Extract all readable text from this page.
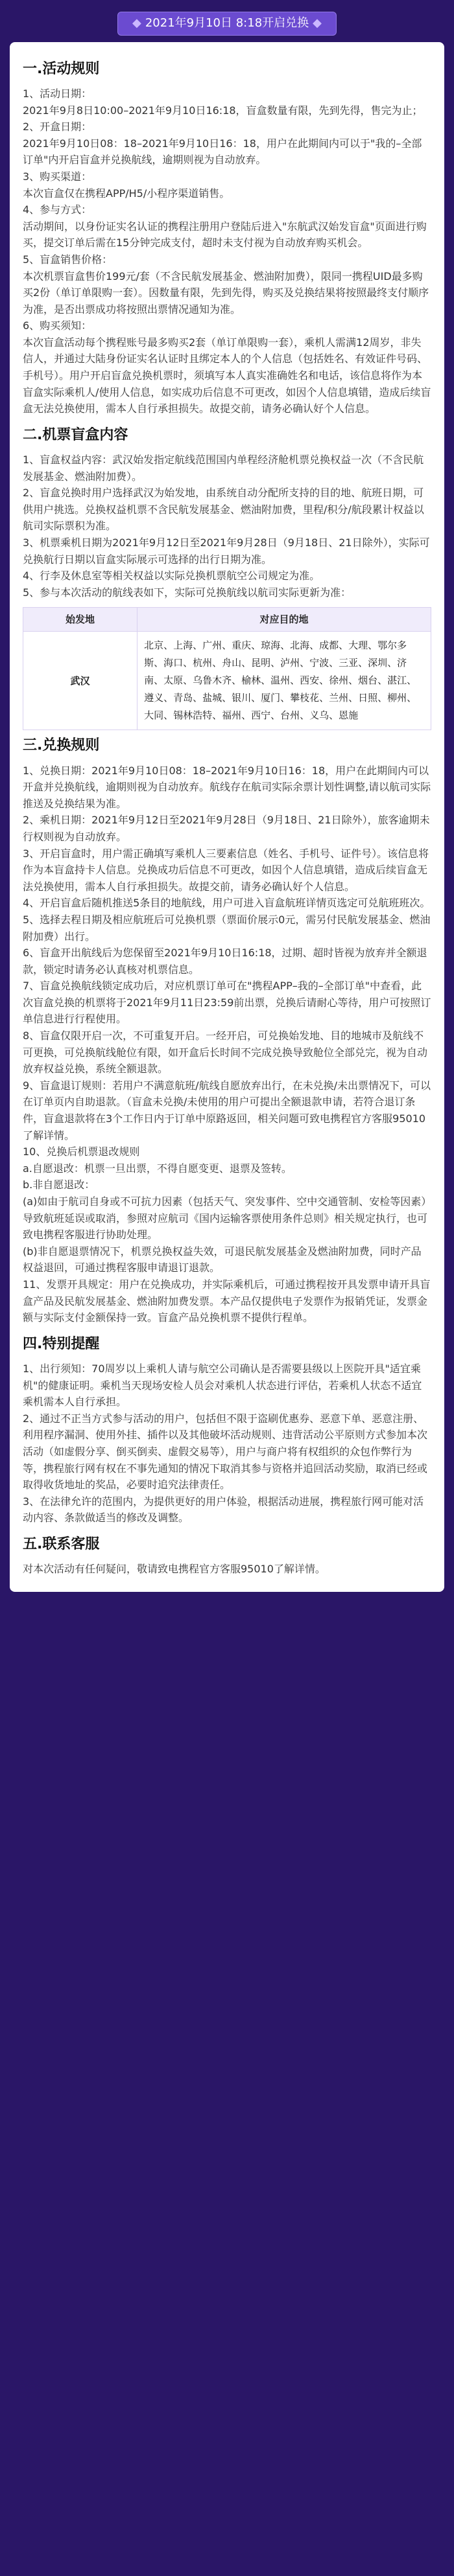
◆ 2021年9月10日 8:18开启兑换 ◆
一.活动规则
1、活动日期：
2021年9月8日10:00–2021年9月10日16:18，盲盒数量有限，先到先得，售完为止；
2、开盒日期：
2021年9月10日08：18–2021年9月10日16：18，用户在此期间内可以于"我的–全部订单"内开启盲盒并兑换航线，逾期则视为自动放弃。
3、购买渠道：
本次盲盒仅在携程APP/H5/小程序渠道销售。
4、参与方式：
活动期间，以身份证实名认证的携程注册用户登陆后进入"东航武汉始发盲盒"页面进行购买，提交订单后需在15分钟完成支付，超时未支付视为自动放弃购买机会。
5、盲盒销售价格：
本次机票盲盒售价199元/套（不含民航发展基金、燃油附加费），限同一携程UID最多购买2份（单订单限购一套）。因数量有限，先到先得，购买及兑换结果将按照最终支付顺序为准，是否出票成功将按照出票情况通知为准。
6、购买须知：
本次盲盒活动每个携程账号最多购买2套（单订单限购一套），乘机人需满12周岁，非失信人，并通过大陆身份证实名认证时且绑定本人的个人信息（包括姓名、有效证件号码、手机号）。用户开启盲盒兑换机票时，须填写本人真实准确姓名和电话，该信息将作为本盲盒实际乘机人/使用人信息，如实成功后信息不可更改，如因个人信息填错，造成后续盲盒无法兑换使用，需本人自行承担损失。故提交前，请务必确认好个人信息。
二.机票盲盒内容
1、盲盒权益内容：武汉始发指定航线范围国内单程经济舱机票兑换权益一次（不含民航发展基金、燃油附加费）。
2、盲盒兑换时用户选择武汉为始发地，由系统自动分配所支持的目的地、航班日期，可供用户挑选。兑换权益机票不含民航发展基金、燃油附加费，里程/积分/航段累计权益以航司实际票积为准。
3、机票乘机日期为2021年9月12日至2021年9月28日（9月18日、21日除外），实际可兑换航行日期以盲盒实际展示可选择的出行日期为准。
4、行李及休息室等相关权益以实际兑换机票航空公司规定为准。
5、参与本次活动的航线表如下，实际可兑换航线以航司实际更新为准：
始发地	对应目的地
武汉	北京、上海、广州、重庆、琼海、北海、成都、大理、鄂尔多斯、海口、杭州、舟山、昆明、泸州、宁波、三亚、深圳、济南、太原、乌鲁木齐、榆林、温州、西安、徐州、烟台、湛江、遵义、青岛、盐城、银川、厦门、攀枝花、兰州、日照、柳州、大同、锡林浩特、福州、西宁、台州、义乌、恩施
三.兑换规则
1、兑换日期：2021年9月10日08：18–2021年9月10日16：18，用户在此期间内可以开盒并兑换航线，逾期则视为自动放弃。航线存在航司实际余票计划性调整,请以航司实际推送及兑换结果为准。
2、乘机日期：2021年9月12日至2021年9月28日（9月18日、21日除外），旅客逾期未行权则视为自动放弃。
3、开启盲盒时，用户需正确填写乘机人三要素信息（姓名、手机号、证件号）。该信息将作为本盲盒持卡人信息。兑换成功后信息不可更改，如因个人信息填错，造成后续盲盒无法兑换使用，需本人自行承担损失。故提交前，请务必确认好个人信息。
4、开启盲盒后随机推送5条目的地航线，用户可进入盲盒航班详情页选定可兑航班班次。
5、选择去程日期及相应航班后可兑换机票（票面价展示0元，需另付民航发展基金、燃油附加费）出行。
6、盲盒开出航线后为您保留至2021年9月10日16:18，过期、超时皆视为放弃并全额退款，锁定时请务必认真核对机票信息。
7、盲盒兑换航线锁定成功后，对应机票订单可在"携程APP–我的–全部订单"中查看，此次盲盒兑换的机票将于2021年9月11日23:59前出票，兑换后请耐心等待，用户可按照订单信息进行行程使用。
8、盲盒仅限开启一次，不可重复开启。一经开启，可兑换始发地、目的地城市及航线不可更换，可兑换航线舱位有限，如开盒后长时间不完成兑换导致舱位全部兑完，视为自动放弃权益兑换，系统全额退款。
9、盲盒退订规则：若用户不满意航班/航线自愿放弃出行，在未兑换/未出票情况下，可以在订单页内自助退款。（盲盒未兑换/未使用的用户可提出全额退款申请，若符合退订条件，盲盒退款将在3个工作日内于订单中原路返回，相关问题可致电携程官方客服95010了解详情。
10、兑换后机票退改规则
a.自愿退改：机票一旦出票，不得自愿变更、退票及签转。
b.非自愿退改：
(a)如由于航司自身或不可抗力因素（包括天气、突发事件、空中交通管制、安检等因素）导致航班延误或取消，参照对应航司《国内运输客票使用条件总则》相关规定执行，也可致电携程客服进行协助处理。
(b)非自愿退票情况下，机票兑换权益失效，可退民航发展基金及燃油附加费，同时产品权益退回，可通过携程客服申请退订退款。
11、发票开具规定：用户在兑换成功，并实际乘机后，可通过携程按开具发票申请开具盲盒产品及民航发展基金、燃油附加费发票。本产品仅提供电子发票作为报销凭证，发票金额与实际支付金额保持一致。盲盒产品兑换机票不提供行程单。
四.特别提醒
1、出行须知：70周岁以上乘机人请与航空公司确认是否需要县级以上医院开具"适宜乘机"的健康证明。乘机当天现场安检人员会对乘机人状态进行评估，若乘机人状态不适宜乘机需本人自行承担。
2、通过不正当方式参与活动的用户，包括但不限于盗刷优惠券、恶意下单、恶意注册、利用程序漏洞、使用外挂、插件以及其他破坏活动规则、违背活动公平原则方式参加本次活动（如虚假分享、倒买倒卖、虚假交易等），用户与商户将有权组织的众包作弊行为等，携程旅行网有权在不事先通知的情况下取消其参与资格并追回活动奖励，取消已经或取得收货地址的奖品，必要时追究法律责任。
3、在法律允许的范围内，为提供更好的用户体验，根据活动进展，携程旅行网可能对活动内容、条款做适当的修改及调整。
五.联系客服
对本次活动有任何疑问，敬请致电携程官方客服95010了解详情。
